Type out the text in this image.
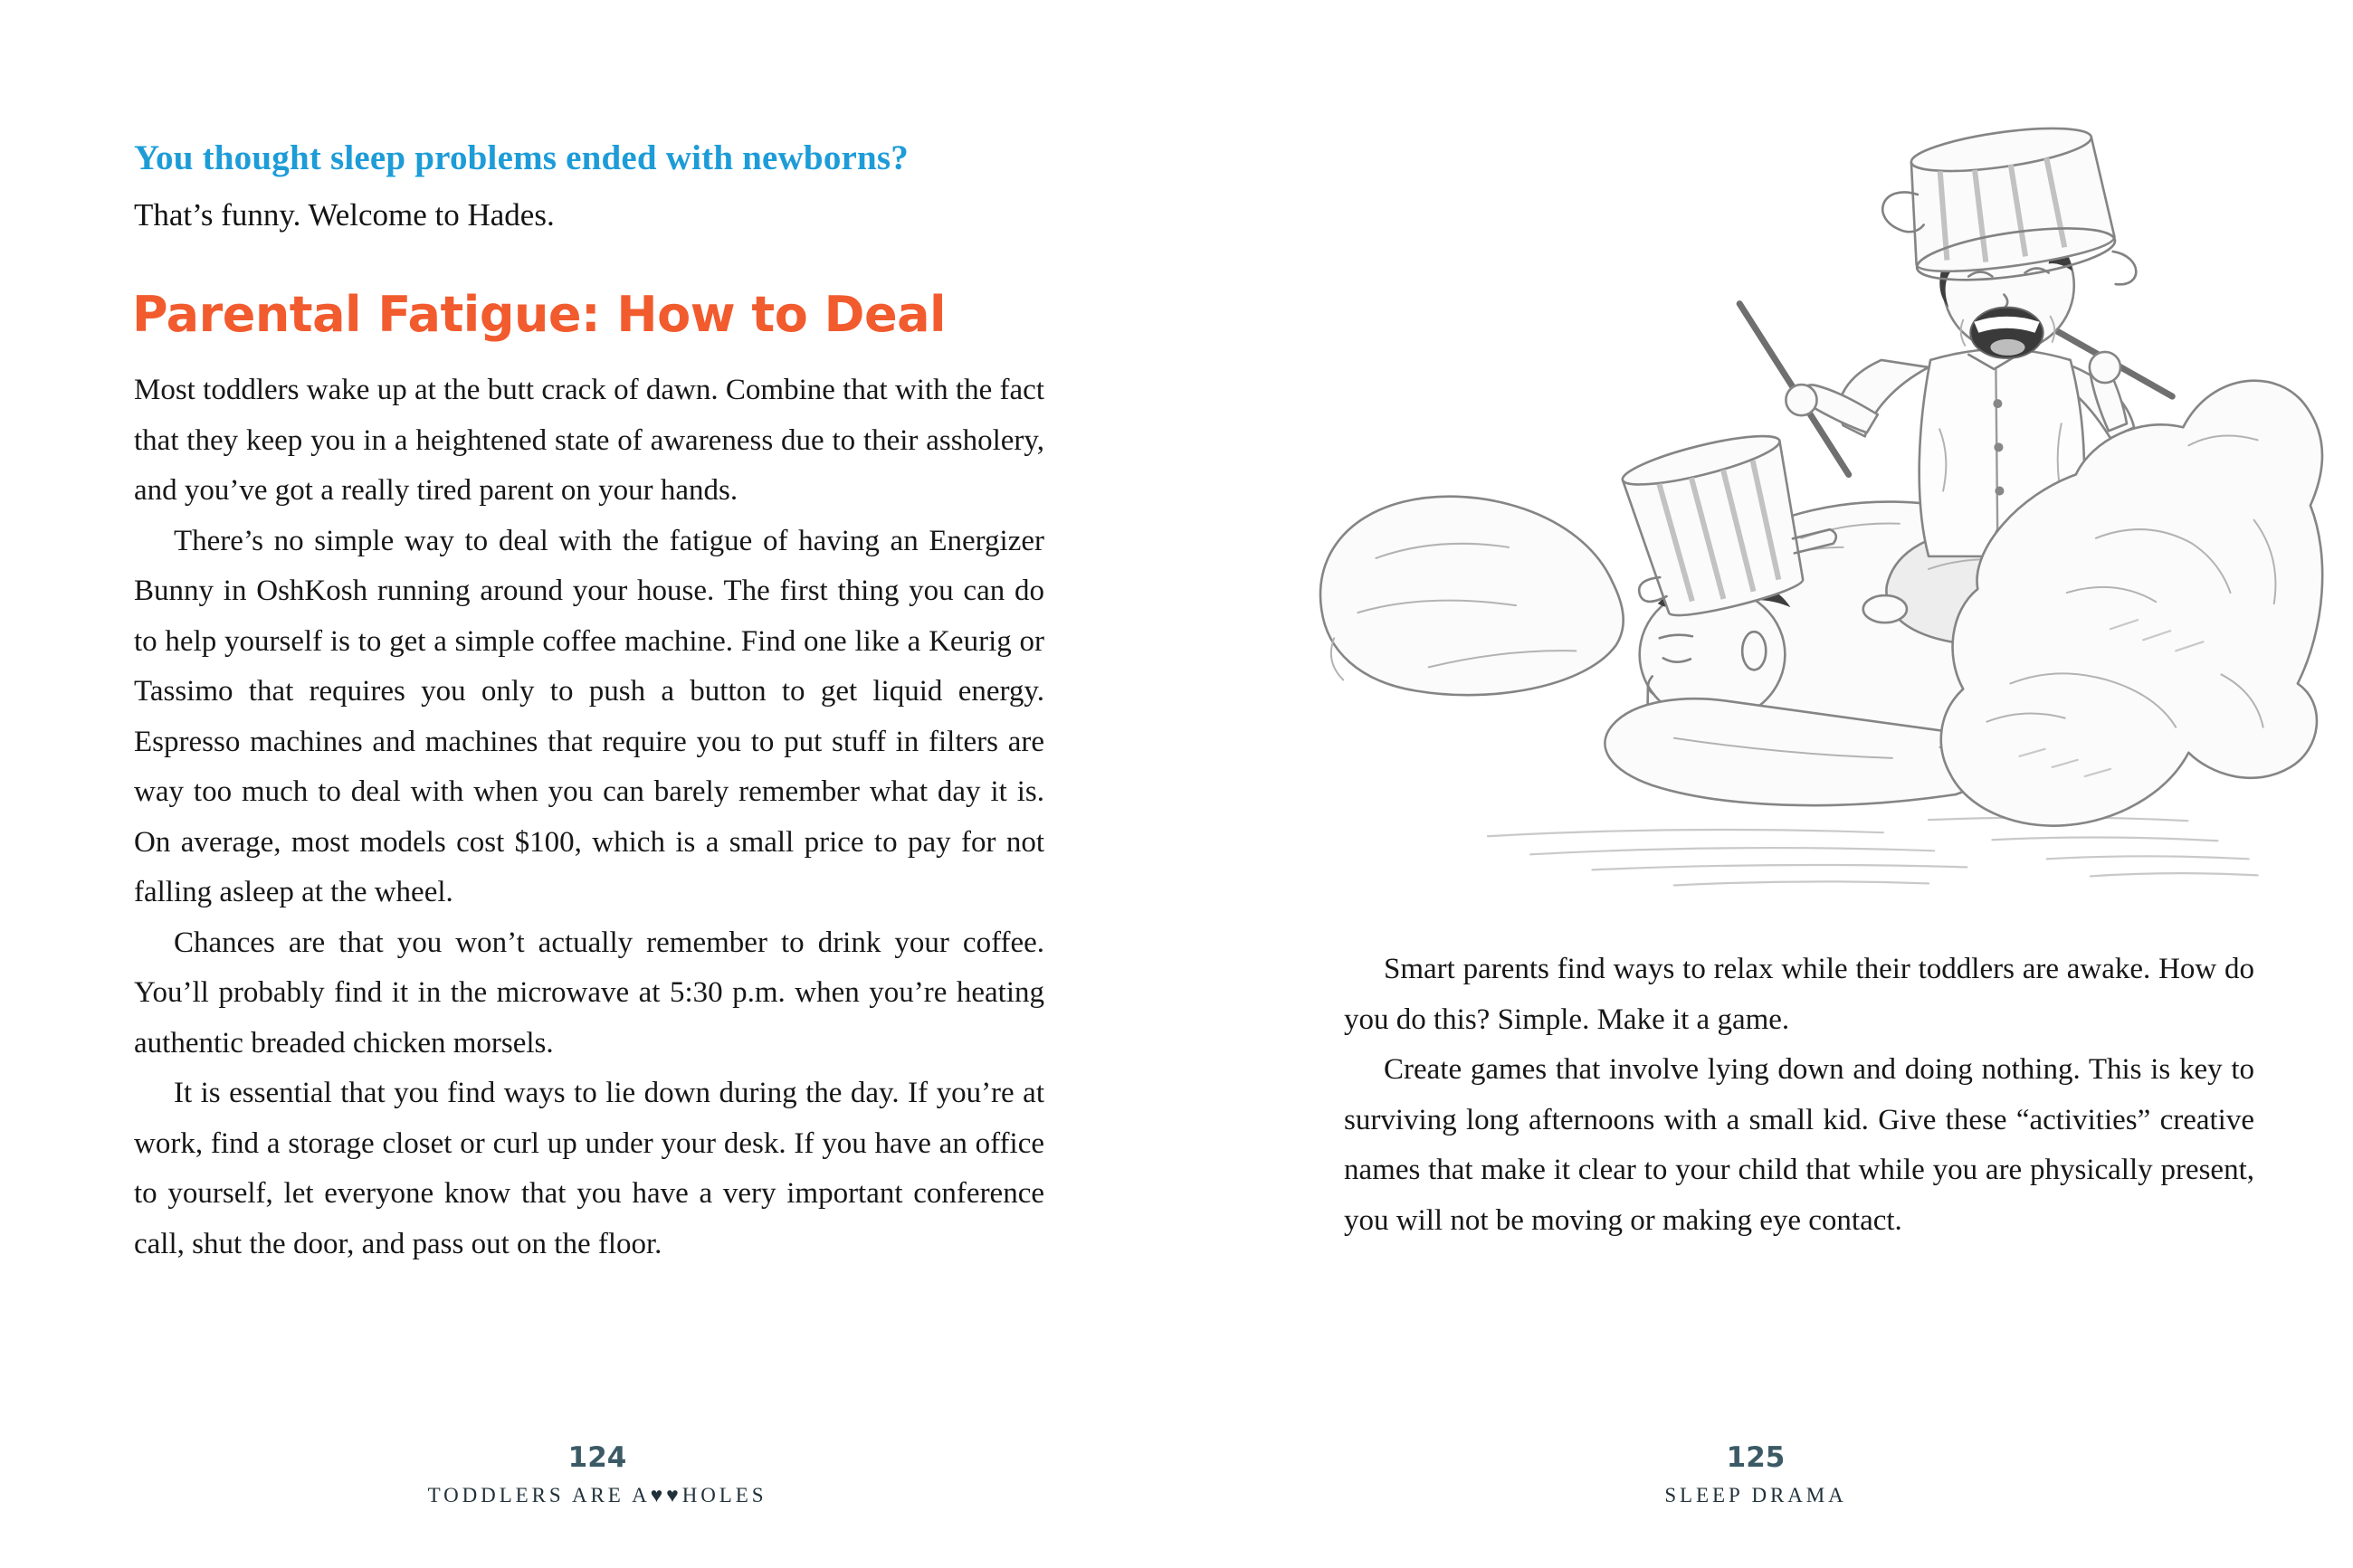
You thought sleep problems ended with newborns?
That’s funny. Welcome to Hades.
Parental Fatigue: How to Deal

Most toddlers wake up at the butt crack of dawn. Combine that with the fact that they keep you in a heightened state of awareness due to their assholery, and you’ve got a really tired parent on your hands.

There’s no simple way to deal with the fatigue of having an Energizer Bunny in OshKosh running around your house. The first thing you can do to help yourself is to get a simple coffee machine. Find one like a Keurig or Tassimo that requires you only to push a button to get liquid energy. Espresso machines and machines that require you to put stuff in filters are way too much to deal with when you can barely remember what day it is. On average, most models cost $100, which is a small price to pay for not falling asleep at the wheel.

Chances are that you won’t actually remember to drink your coffee. You’ll probably find it in the microwave at 5:30 p.m. when you’re heating authentic breaded chicken morsels.

It is essential that you find ways to lie down during the day. If you’re at work, find a storage closet or curl up under your desk. If you have an office to yourself, let everyone know that you have a very important conference call, shut the door, and pass out on the floor.

124
TODDLERS ARE A♥♥HOLES

Smart parents find ways to relax while their toddlers are awake. How do you do this? Simple. Make it a game.

Create games that involve lying down and doing nothing. This is key to surviving long afternoons with a small kid. Give these “activities” creative names that make it clear to your child that while you are physically present, you will not be moving or making eye contact.

125
SLEEP DRAMA
